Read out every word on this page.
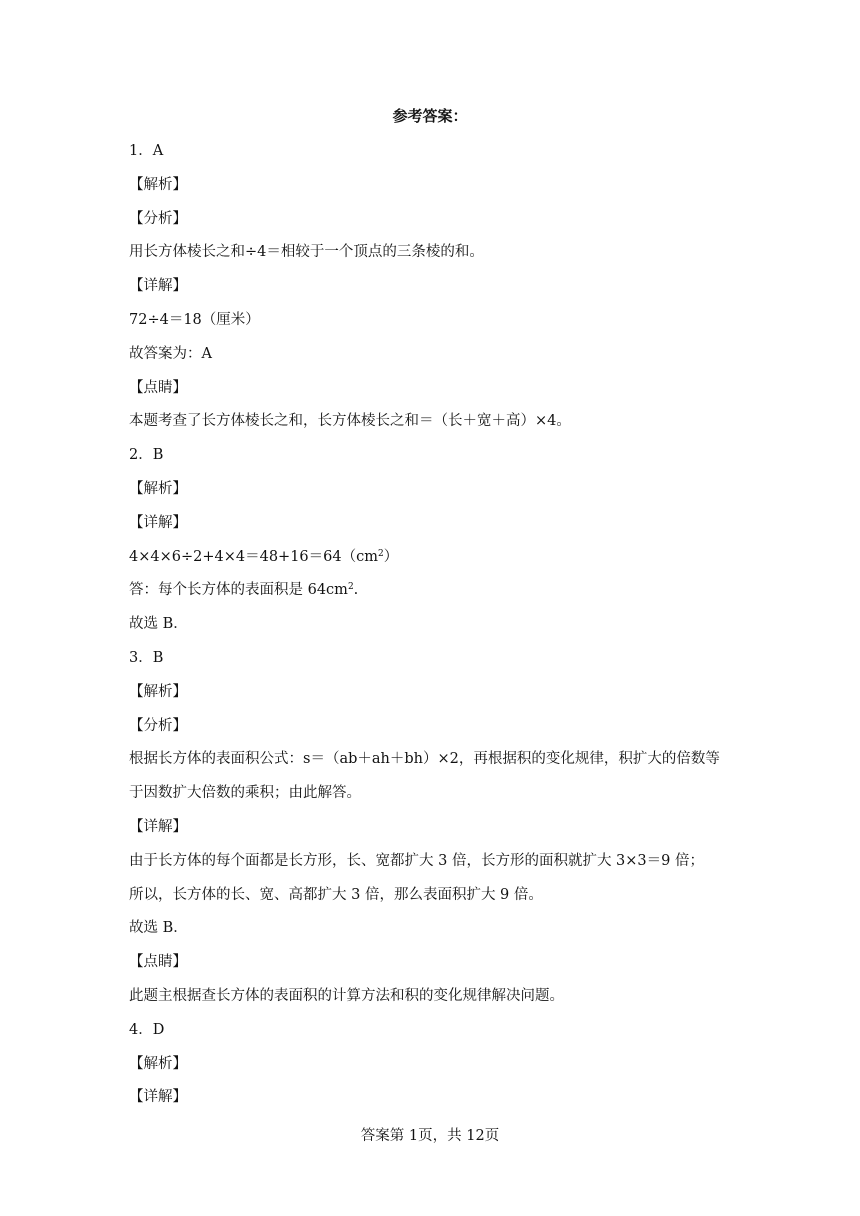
参考答案：
1．A
【解析】
【分析】
用长方体棱长之和÷4＝相较于一个顶点的三条棱的和。
【详解】
72÷4＝18（厘米）
故答案为：A
【点睛】
本题考查了长方体棱长之和，长方体棱长之和＝（长＋宽＋高）×4。
2．B
【解析】
【详解】
$4\times 4\times 6\div 2+4\times 4=48+16=64(cm^2)$
答：每个长方体的表面积是 $64cm^2$.
故选 B．
3．B
【解析】
【分析】
根据长方体的表面积公式：s＝（ab＋ah＋bh）×2，再根据积的变化规律，积扩大的倍数等
于因数扩大倍数的乘积；由此解答。
【详解】
由于长方体的每个面都是长方形，长、宽都扩大 3 倍，长方形的面积就扩大 3×3＝9 倍；
所以，长方体的长、宽、高都扩大 3 倍，那么表面积扩大 9 倍。
故选 B．
【点睛】
此题主根据查长方体的表面积的计算方法和积的变化规律解决问题。
4．D
【解析】
【详解】
答案第 1页，共 12页
